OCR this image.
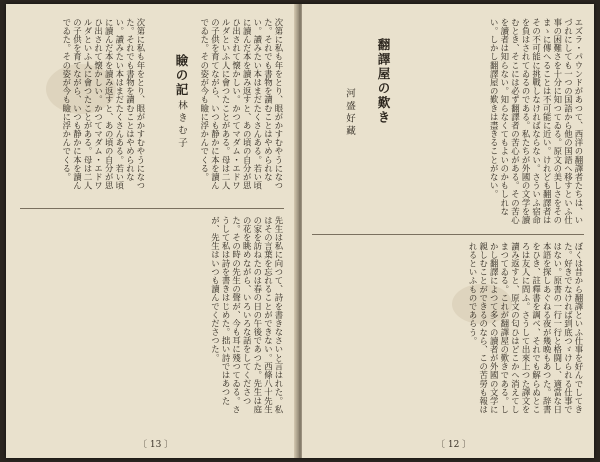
次第に私も年をとり、眼がかすむやうになつた。それでも書物を讀むことはやめられない。讀みたい本はまだたくさんある。若い頃に讀んだ本を讀み返すと、あの頃の自分が思ひ出されて懐かしい。かつてマダム・エドワルダといふ人に會つたことがある。母は二人の子供を育てながら、いつも静かに本を讀んでゐた。その姿が今も瞼に浮かんでくる。
瞼の記 林きむ子
次第に私も年をとり、眼がかすむやうになつた。それでも書物を讀むことはやめられない。讀みたい本はまだたくさんある。若い頃に讀んだ本を讀み返すと、あの頃の自分が思ひ出されて懐かしい。かつてマダム・エドワルダといふ人に會つたことがある。母は二人の子供を育てながら、いつも静かに本を讀んでゐた。その姿が今も瞼に浮かんでくる。
先生は私に向つて、詩を書きなさいと言はれた。私はその言葉を忘れることができない。西條八十先生の家を訪ねたのは春の日の午後であつた。先生は庭の花を眺めながら、いろいろな話をしてくださつた。その時の先生の聲が、今も耳に殘つてゐる。さうして私は詩を書きはじめた。拙い詩ではあつたが、先生はいつも讀んでくださつた。
〔 13 〕
エズラ・パウンドがあつて、西洋の翻譯者たちは、いづれにしても一つの国語から他の国語へ移すといふ仕事の困難さを十分に知つてゐる。原文の美しさをそのまゝに傳へることは不可能に近い。けれども翻譯者はその不可能に挑戰しなければならない。さういふ宿命を負はされてゐるのである。私たちが外國の文学を讀むとき、そこには必ず翻譯者の苦心がある。その苦心を讀者は知らない。知らなくてもよいのかもしれない。しかし翻譯屋の歎きは盡きることがない。
翻譯屋の歎き
河盛好藏
ぼくは昔から翻譯といふ仕事を好んでしてきた。好きでなければ到底つゞけられる仕事ではない。原書の一行一行と格闘し、適當な日本語を探しあぐねる夜が幾晩もあつた。辞書をひき、註釋書を調べ、それでも解らぬところは友人に問ふ。さうして出來上つた譯文を讀み返すと、原文の匂ひはどこかへ消えてしまつてゐる。これが翻譯屋の歎きである。しかし翻譯によつて多くの讀者が外國の文学に親しむことができるのなら、この苦勞も報はれるといふものであらう。
〔 12 〕
